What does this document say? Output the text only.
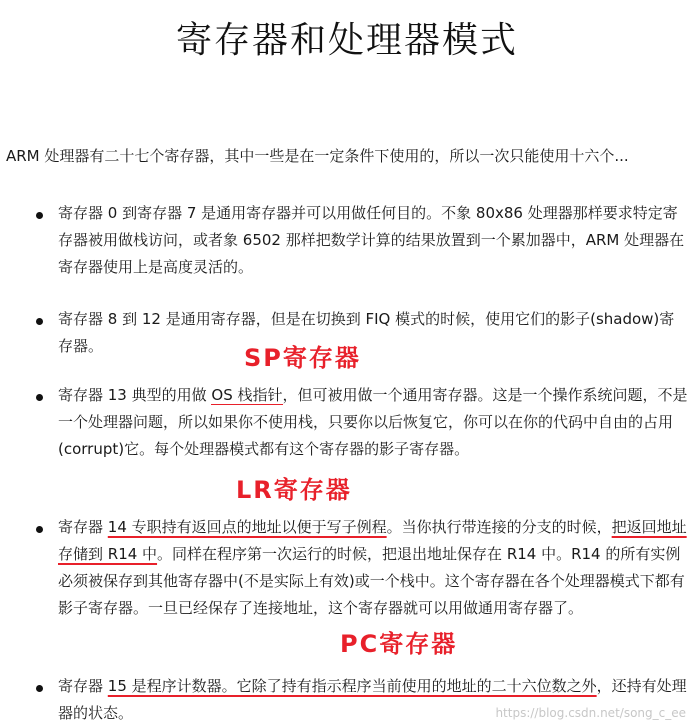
寄存器和处理器模式

ARM 处理器有二十七个寄存器，其中一些是在一定条件下使用的，所以一次只能使用十六个...

寄存器 0 到寄存器 7 是通用寄存器并可以用做任何目的。不象 80x86 处理器那样要求特定寄存器被用做栈访问，或者象 6502 那样把数学计算的结果放置到一个累加器中，ARM 处理器在寄存器使用上是高度灵活的。

寄存器 8 到 12 是通用寄存器，但是在切换到 FIQ 模式的时候，使用它们的影子(shadow)寄存器。

寄存器 13 典型的用做 OS 栈指针，但可被用做一个通用寄存器。这是一个操作系统问题，不是一个处理器问题，所以如果你不使用栈，只要你以后恢复它，你可以在你的代码中自由的占用(corrupt)它。每个处理器模式都有这个寄存器的影子寄存器。

寄存器 14 专职持有返回点的地址以便于写子例程。当你执行带连接的分支的时候，把返回地址存储到 R14 中。同样在程序第一次运行的时候，把退出地址保存在 R14 中。R14 的所有实例必须被保存到其他寄存器中(不是实际上有效)或一个栈中。这个寄存器在各个处理器模式下都有影子寄存器。一旦已经保存了连接地址，这个寄存器就可以用做通用寄存器了。

寄存器 15 是程序计数器。它除了持有指示程序当前使用的地址的二十六位数之外，还持有处理器的状态。

SP寄存器
LR寄存器
PC寄存器
https://blog.csdn.net/song_c_ee
